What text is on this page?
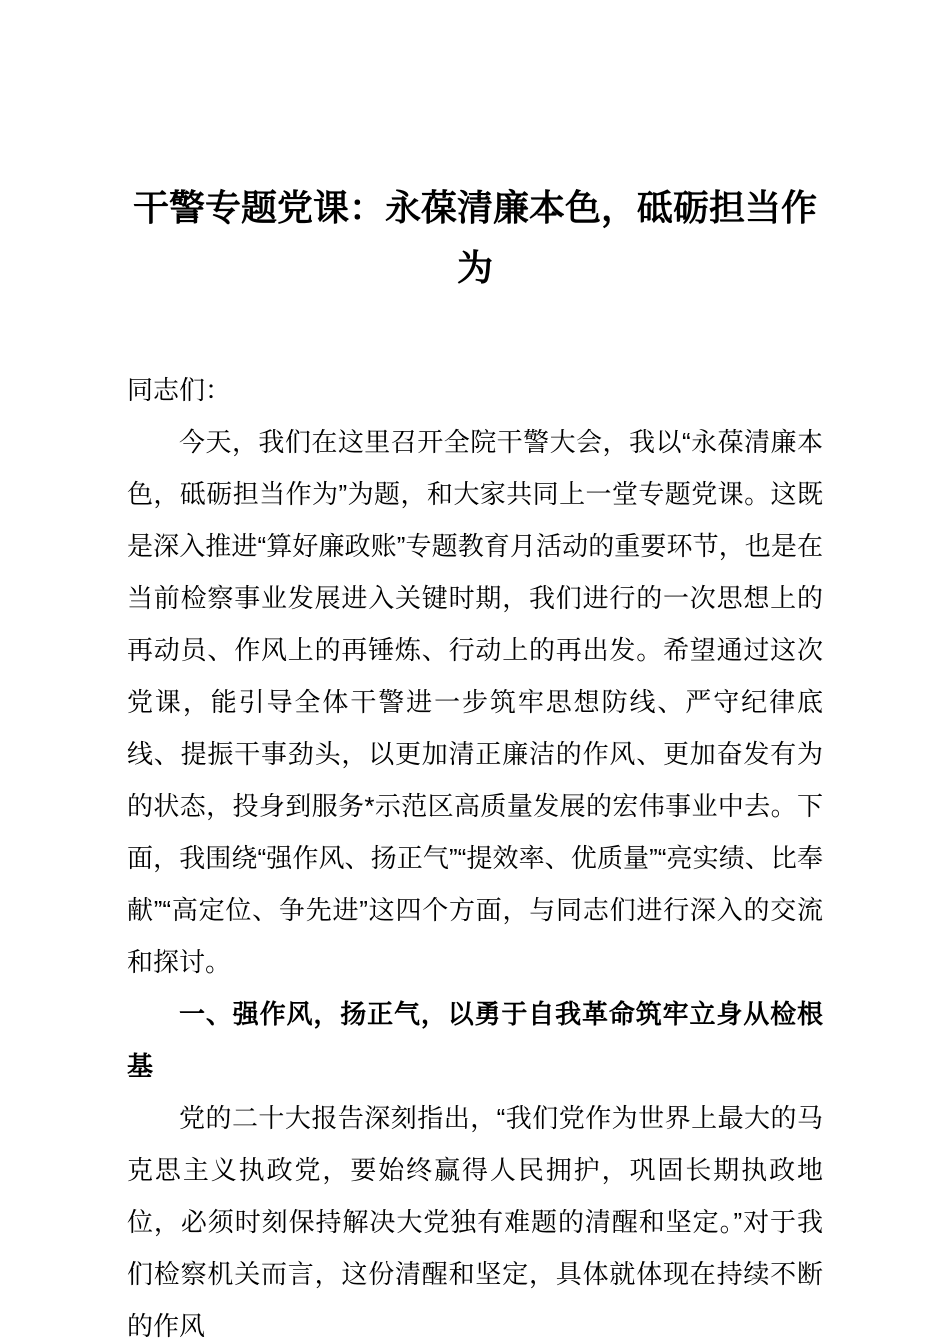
干警专题党课：永葆清廉本色，砥砺担当作为

同志们：

今天，我们在这里召开全院干警大会，我以“永葆清廉本色，砥砺担当作为”为题，和大家共同上一堂专题党课。这既是深入推进“算好廉政账”专题教育月活动的重要环节，也是在当前检察事业发展进入关键时期，我们进行的一次思想上的再动员、作风上的再锤炼、行动上的再出发。希望通过这次党课，能引导全体干警进一步筑牢思想防线、严守纪律底线、提振干事劲头，以更加清正廉洁的作风、更加奋发有为的状态，投身到服务*示范区高质量发展的宏伟事业中去。下面，我围绕“强作风、扬正气”“提效率、优质量”“亮实绩、比奉献”“高定位、争先进”这四个方面，与同志们进行深入的交流和探讨。

一、强作风，扬正气，以勇于自我革命筑牢立身从检根基

党的二十大报告深刻指出，“我们党作为世界上最大的马克思主义执政党，要始终赢得人民拥护，巩固长期执政地位，必须时刻保持解决大党独有难题的清醒和坚定。”对于我们检察机关而言，这份清醒和坚定，具体就体现在持续不断的作风
